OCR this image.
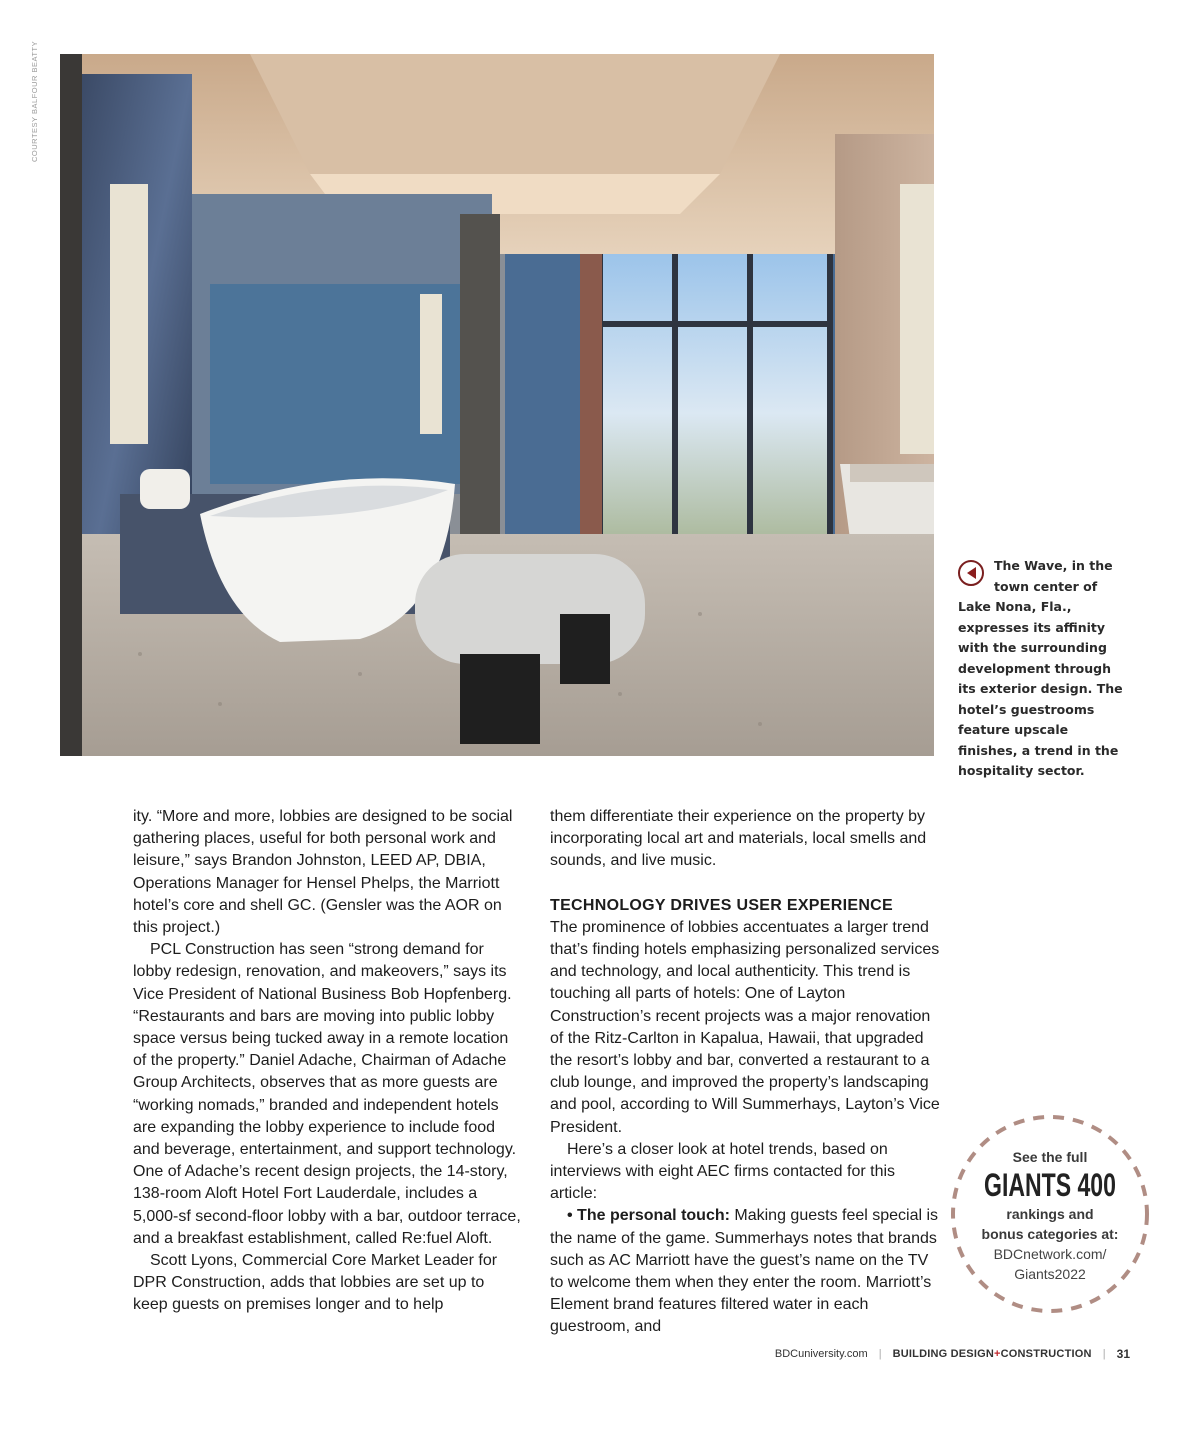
COURTESY BALFOUR BEATTY
The Wave, in the town center of Lake Nona, Fla., expresses its affinity with the surrounding development through its exterior design. The hotel’s guestrooms feature upscale finishes, a trend in the hospitality sector.

ity. “More and more, lobbies are designed to be social gathering places, useful for both personal work and leisure,” says Brandon Johnston, LEED AP, DBIA, Operations Manager for Hensel Phelps, the Marriott hotel’s core and shell GC. (Gensler was the AOR on this project.)

PCL Construction has seen “strong demand for lobby redesign, renovation, and makeovers,” says its Vice President of National Business Bob Hopfenberg. “Restaurants and bars are moving into public lobby space versus being tucked away in a remote location of the property.” Daniel Adache, Chairman of Adache Group Architects, observes that as more guests are “working nomads,” branded and independent hotels are expanding the lobby experience to include food and beverage, entertainment, and support technology. One of Adache’s recent design projects, the 14-story, 138-room Aloft Hotel Fort Lauderdale, includes a 5,000-sf second-floor lobby with a bar, outdoor terrace, and a breakfast establishment, called Re:fuel Aloft.

Scott Lyons, Commercial Core Market Leader for DPR Construction, adds that lobbies are set up to keep guests on premises longer and to help

them differentiate their experience on the property by incorporating local art and materials, local smells and sounds, and live music.

TECHNOLOGY DRIVES USER EXPERIENCE

The prominence of lobbies accentuates a larger trend that’s finding hotels emphasizing personalized services and technology, and local authenticity. This trend is touching all parts of hotels: One of Layton Construction’s recent projects was a major renovation of the Ritz-Carlton in Kapalua, Hawaii, that upgraded the resort’s lobby and bar, converted a restaurant to a club lounge, and improved the property’s landscaping and pool, according to Will Summerhays, Layton’s Vice President.

Here’s a closer look at hotel trends, based on interviews with eight AEC firms contacted for this article:

• The personal touch: Making guests feel special is the name of the game. Summerhays notes that brands such as AC Marriott have the guest’s name on the TV to welcome them when they enter the room. Marriott’s Element brand features filtered water in each guestroom, and

See the full
GIANTS 400
rankings and
bonus categories at:
BDCnetwork.com/
Giants2022
BDCuniversity.com | BUILDING DESIGN+CONSTRUCTION | 31
